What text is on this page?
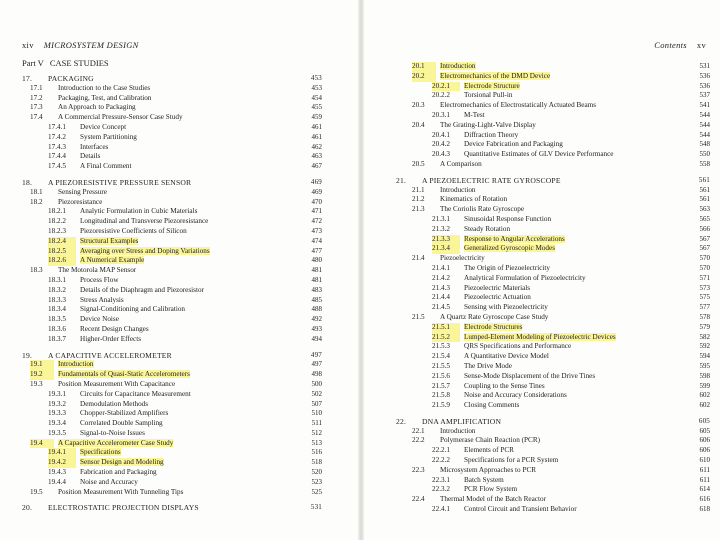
xiv MICROSYSTEM DESIGN
Part V CASE STUDIES
17. PACKAGING	453
17.1 Introduction to the Case Studies	453
17.2 Packaging, Test, and Calibration	454
17.3 An Approach to Packaging	455
17.4 A Commercial Pressure-Sensor Case Study	459
17.4.1 Device Concept	461
17.4.2 System Partitioning	461
17.4.3 Interfaces	462
17.4.4 Details	463
17.4.5 A Final Comment	467
18. A PIEZORESISTIVE PRESSURE SENSOR	469
18.1 Sensing Pressure	469
18.2 Piezoresistance	470
18.2.1 Analytic Formulation in Cubic Materials	471
18.2.2 Longitudinal and Transverse Piezoresistance	472
18.2.3 Piezoresistive Coefficients of Silicon	473
18.2.4 Structural Examples	474
18.2.5 Averaging over Stress and Doping Variations	477
18.2.6 A Numerical Example	480
18.3 The Motorola MAP Sensor	481
18.3.1 Process Flow	481
18.3.2 Details of the Diaphragm and Piezoresistor	483
18.3.3 Stress Analysis	485
18.3.4 Signal-Conditioning and Calibration	488
18.3.5 Device Noise	492
18.3.6 Recent Design Changes	493
18.3.7 Higher-Order Effects	494
19. A CAPACITIVE ACCELEROMETER	497
19.1 Introduction	497
19.2 Fundamentals of Quasi-Static Accelerometers	498
19.3 Position Measurement With Capacitance	500
19.3.1 Circuits for Capacitance Measurement	502
19.3.2 Demodulation Methods	507
19.3.3 Chopper-Stabilized Amplifiers	510
19.3.4 Correlated Double Sampling	511
19.3.5 Signal-to-Noise Issues	512
19.4 A Capacitive Accelerometer Case Study	513
19.4.1 Specifications	516
19.4.2 Sensor Design and Modeling	518
19.4.3 Fabrication and Packaging	520
19.4.4 Noise and Accuracy	523
19.5 Position Measurement With Tunneling Tips	525
20. ELECTROSTATIC PROJECTION DISPLAYS	531
Contents xv
20.1 Introduction	531
20.2 Electromechanics of the DMD Device	536
20.2.1 Electrode Structure	536
20.2.2 Torsional Pull-in	537
20.3 Electromechanics of Electrostatically Actuated Beams	541
20.3.1 M-Test	544
20.4 The Grating-Light-Valve Display	544
20.4.1 Diffraction Theory	544
20.4.2 Device Fabrication and Packaging	548
20.4.3 Quantitative Estimates of GLV Device Performance	550
20.5 A Comparison	558
21. A PIEZOELECTRIC RATE GYROSCOPE	561
21.1 Introduction	561
21.2 Kinematics of Rotation	561
21.3 The Coriolis Rate Gyroscope	563
21.3.1 Sinusoidal Response Function	565
21.3.2 Steady Rotation	566
21.3.3 Response to Angular Accelerations	567
21.3.4 Generalized Gyroscopic Modes	567
21.4 Piezoelectricity	570
21.4.1 The Origin of Piezoelectricity	570
21.4.2 Analytical Formulation of Piezoelectricity	571
21.4.3 Piezoelectric Materials	573
21.4.4 Piezoelectric Actuation	575
21.4.5 Sensing with Piezoelectricity	577
21.5 A Quartz Rate Gyroscope Case Study	578
21.5.1 Electrode Structures	579
21.5.2 Lumped-Element Modeling of Piezoelectric Devices	582
21.5.3 QRS Specifications and Performance	592
21.5.4 A Quantitative Device Model	594
21.5.5 The Drive Mode	595
21.5.6 Sense-Mode Displacement of the Drive Tines	598
21.5.7 Coupling to the Sense Tines	599
21.5.8 Noise and Accuracy Considerations	602
21.5.9 Closing Comments	602
22. DNA AMPLIFICATION	605
22.1 Introduction	605
22.2 Polymerase Chain Reaction (PCR)	606
22.2.1 Elements of PCR	606
22.2.2 Specifications for a PCR System	610
22.3 Microsystem Approaches to PCR	611
22.3.1 Batch System	611
22.3.2 PCR Flow System	614
22.4 Thermal Model of the Batch Reactor	616
22.4.1 Control Circuit and Transient Behavior	618
